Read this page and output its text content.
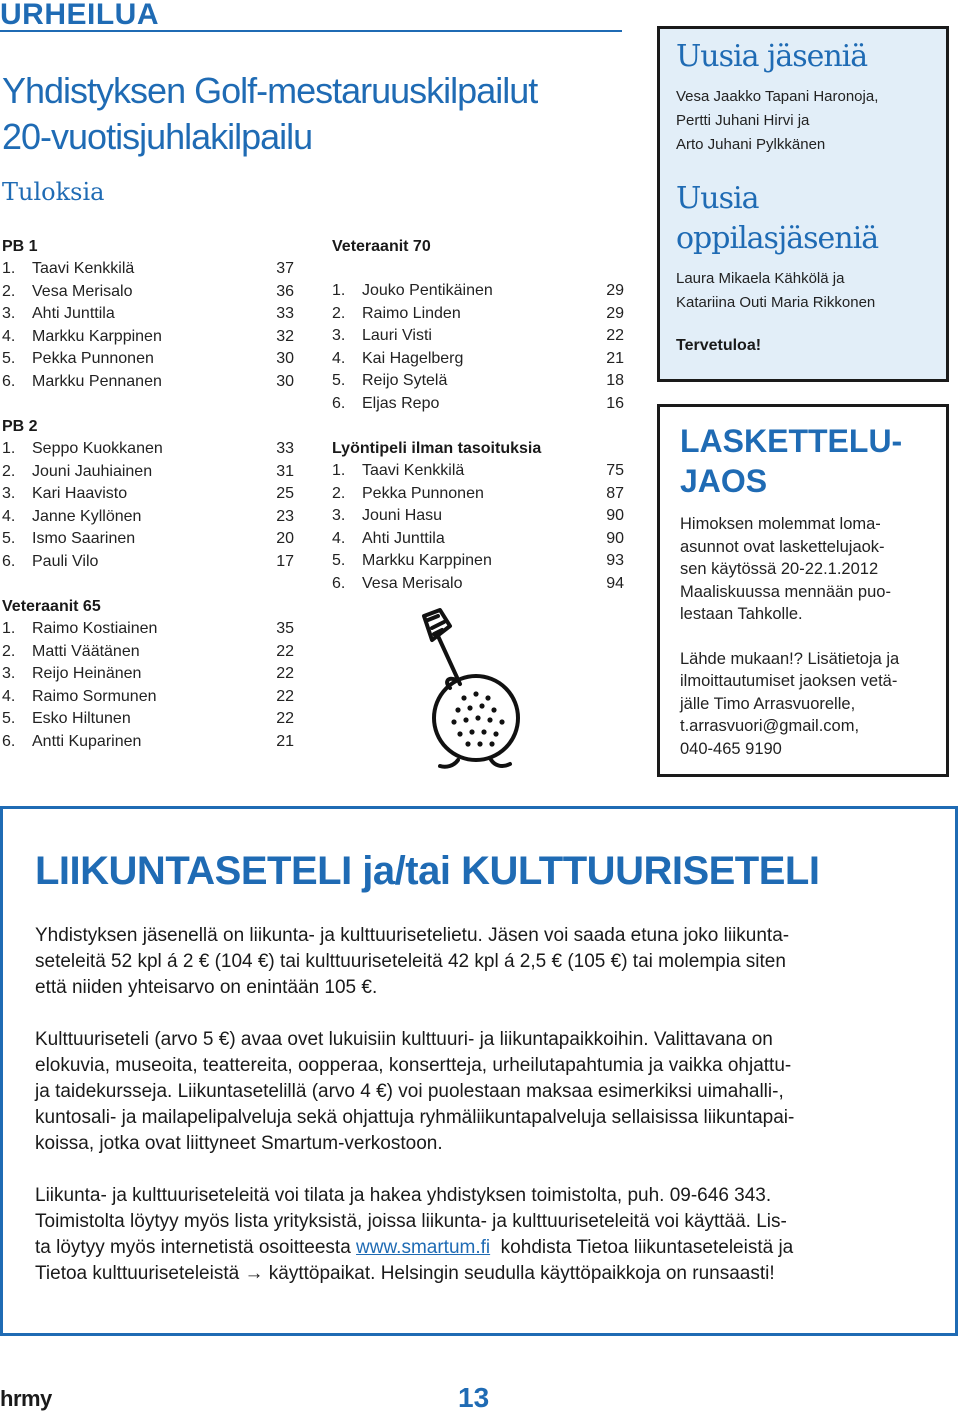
URHEILUA
Yhdistyksen Golf-mestaruuskilpailut
20-vuotisjuhlakilpailu
Tuloksia
PB 1
1.	Taavi Kenkkilä	37
2.	Vesa Merisalo	36
3.	Ahti Junttila	33
4.	Markku Karppinen	32
5.	Pekka Punnonen	30
6.	Markku Pennanen	30
PB 2
1.	Seppo Kuokkanen	33
2.	Jouni Jauhiainen	31
3.	Kari Haavisto	25
4.	Janne Kyllönen	23
5.	Ismo Saarinen	20
6.	Pauli Vilo	17
Veteraanit 65
1.	Raimo Kostiainen	35
2.	Matti Väätänen	22
3.	Reijo Heinänen	22
4.	Raimo Sormunen	22
5.	Esko Hiltunen	22
6.	Antti Kuparinen	21
Veteraanit 70
1.	Jouko Pentikäinen	29
2.	Raimo Linden	29
3.	Lauri Visti	22
4.	Kai Hagelberg	21
5.	Reijo Sytelä	18
6.	Eljas Repo	16
Lyöntipeli ilman tasoituksia
1.	Taavi Kenkkilä	75
2.	Pekka Punnonen	87
3.	Jouni Hasu	90
4.	Ahti Junttila	90
5.	Markku Karppinen	93
6.	Vesa Merisalo	94
Uusia jäseniä
Vesa Jaakko Tapani Haronoja,
Pertti Juhani Hirvi ja
Arto Juhani Pylkkänen
Uusia oppilasjäseniä
Laura Mikaela Kähkölä ja
Katariina Outi Maria Rikkonen
Tervetuloa!
LASKETTELU-
JAOS
Himoksen molemmat loma-
asunnot ovat laskettelujaok-
sen käytössä 20-22.1.2012
Maaliskuussa mennään puo-
lestaan Tahkolle.
Lähde mukaan!? Lisätietoja ja
ilmoittautumiset jaoksen vetä-
jälle Timo Arrasvuorelle,
t.arrasvuori@gmail.com,
040-465 9190
LIIKUNTASETELI ja/tai KULTTUURISETELI
Yhdistyksen jäsenellä on liikunta- ja kulttuurisetelietu. Jäsen voi saada etuna joko liikunta-
seteleitä 52 kpl á 2 € (104 €) tai kulttuuriseteleitä 42 kpl á 2,5 € (105 €) tai molempia siten
että niiden yhteisarvo on enintään 105 €.
Kulttuuriseteli (arvo 5 €) avaa ovet lukuisiin kulttuuri- ja liikuntapaikkoihin. Valittavana on
elokuvia, museoita, teattereita, oopperaa, konsertteja, urheilutapahtumia ja vaikka ohjattu-
ja taidekursseja. Liikuntasetelillä (arvo 4 €) voi puolestaan maksaa esimerkiksi uimahalli-,
kuntosali- ja mailapelipalveluja sekä ohjattuja ryhmäliikuntapalveluja sellaisissa liikuntapai-
koissa, jotka ovat liittyneet Smartum-verkostoon.
Liikunta- ja kulttuuriseteleitä voi tilata ja hakea yhdistyksen toimistolta, puh. 09-646 343.
Toimistolta löytyy myös lista yrityksistä, joissa liikunta- ja kulttuuriseteleitä voi käyttää. Lis-
ta löytyy myös internetistä osoitteesta www.smartum.fi  kohdista Tietoa liikuntaseteleistä ja
Tietoa kulttuuriseteleistä → käyttöpaikat. Helsingin seudulla käyttöpaikkoja on runsaasti!
hrmy	13
